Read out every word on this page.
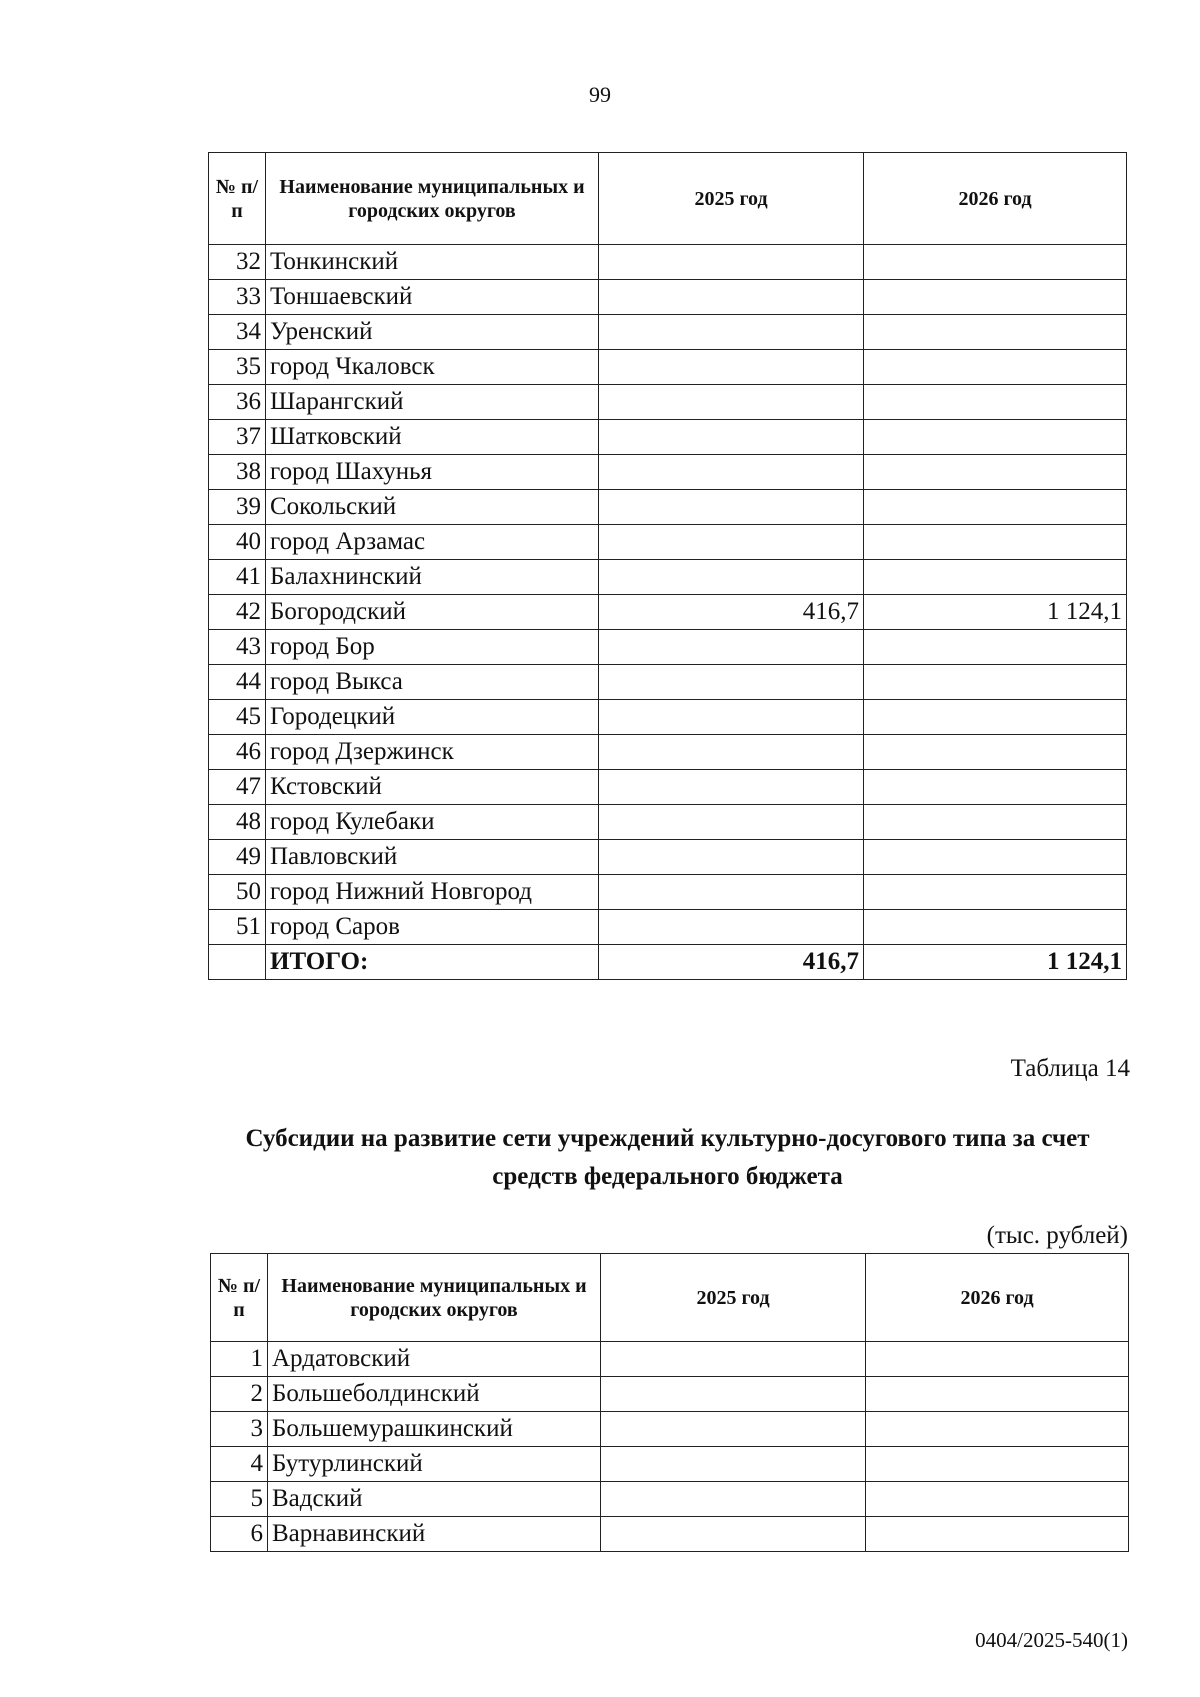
99
№ п/п	Наименование муниципальных и городских округов	2025 год	2026 год
32	Тонкинский		
33	Тоншаевский		
34	Уренский		
35	город Чкаловск		
36	Шарангский		
37	Шатковский		
38	город Шахунья		
39	Сокольский		
40	город Арзамас		
41	Балахнинский		
42	Богородский	416,7	1 124,1
43	город Бор		
44	город Выкса		
45	Городецкий		
46	город Дзержинск		
47	Кстовский		
48	город Кулебаки		
49	Павловский		
50	город Нижний Новгород		
51	город Саров		
	ИТОГО:	416,7	1 124,1
Таблица 14
Субсидии на развитие сети учреждений культурно-досугового типа за счет средств федерального бюджета
(тыс. рублей)
№ п/п	Наименование муниципальных и городских округов	2025 год	2026 год
1	Ардатовский		
2	Большеболдинский		
3	Большемурашкинский		
4	Бутурлинский		
5	Вадский		
6	Варнавинский		
0404/2025-540(1)
